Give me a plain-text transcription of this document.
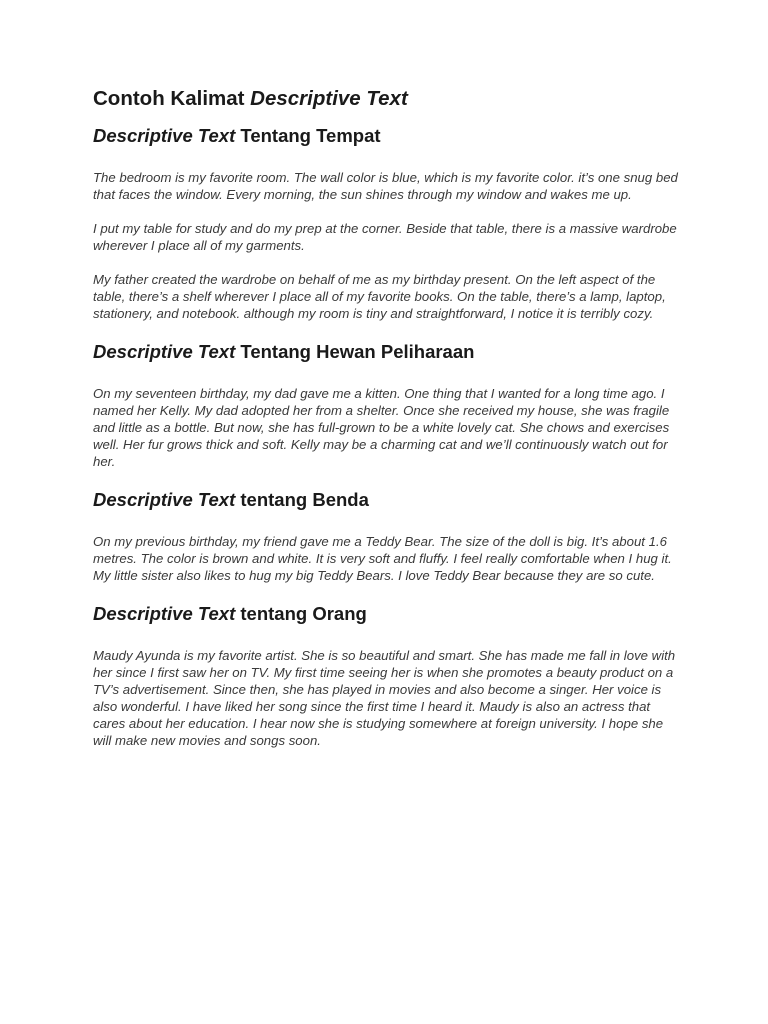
Contoh Kalimat Descriptive Text
Descriptive Text Tentang Tempat

The bedroom is my favorite room. The wall color is blue, which is my favorite color. it’s one snug bed that faces the window. Every morning, the sun shines through my window and wakes me up.

I put my table for study and do my prep at the corner. Beside that table, there is a massive wardrobe wherever I place all of my garments.

My father created the wardrobe on behalf of me as my birthday present. On the left aspect of the table, there’s a shelf wherever I place all of my favorite books. On the table, there’s a lamp, laptop, stationery, and notebook. although my room is tiny and straightforward, I notice it is terribly cozy.

Descriptive Text Tentang Hewan Peliharaan

On my seventeen birthday, my dad gave me a kitten. One thing that I wanted for a long time ago. I named her Kelly. My dad adopted her from a shelter. Once she received my house, she was fragile and little as a bottle. But now, she has full-grown to be a white lovely cat. She chows and exercises well. Her fur grows thick and soft. Kelly may be a charming cat and we’ll continuously watch out for her.

Descriptive Text tentang Benda

On my previous birthday, my friend gave me a Teddy Bear. The size of the doll is big. It’s about 1.6 metres. The color is brown and white. It is very soft and fluffy. I feel really comfortable when I hug it. My little sister also likes to hug my big Teddy Bears. I love Teddy Bear because they are so cute.

Descriptive Text tentang Orang

Maudy Ayunda is my favorite artist. She is so beautiful and smart. She has made me fall in love with her since I first saw her on TV. My first time seeing her is when she promotes a beauty product on a TV’s advertisement. Since then, she has played in movies and also become a singer. Her voice is also wonderful. I have liked her song since the first time I heard it. Maudy is also an actress that cares about her education. I hear now she is studying somewhere at foreign university. I hope she will make new movies and songs soon.
